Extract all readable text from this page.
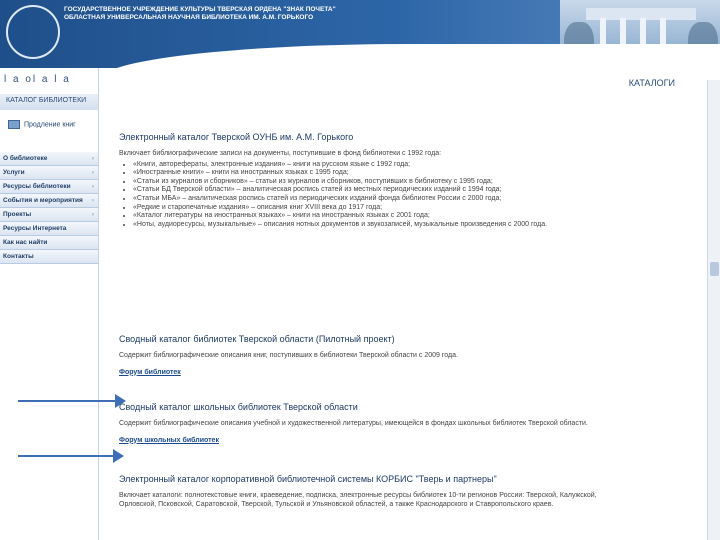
ГОСУДАРСТВЕННОЕ УЧРЕЖДЕНИЕ КУЛЬТУРЫ ТВЕРСКАЯ ОРДЕНА "ЗНАК ПОЧЕТА" ОБЛАСТНАЯ УНИВЕРСАЛЬНАЯ НАУЧНАЯ БИБЛИОТЕКА ИМ. А.М. ГОРЬКОГО
l a ol a l a
КАТАЛОГ БИБЛИОТЕКИ
Продление книг
О библиотеке	›
Услуги	›
Ресурсы библиотеки	›
События и мероприятия ›
Проекты	›
Ресурсы Интернета
Как нас найти
Контакты
КАТАЛОГИ
Электронный каталог Тверской ОУНБ им. А.М. Горького

Включает библиографические записи на документы, поступившие в фонд библиотеки с 1992 года:

• «Книги, авторефераты, электронные издания» – книги на русском языке с 1992 года;
• «Иностранные книги» – книги на иностранных языках с 1995 года;
• «Статьи из журналов и сборников» – статьи из журналов и сборников, поступивших в библиотеку с 1995 года;
• «Статьи БД Тверской области» – аналитическая роспись статей из местных периодических изданий с 1994 года;
• «Статьи МБА» – аналитическая роспись статей из периодических изданий фонда библиотек России с 2000 года;
• «Редкие и старопечатные издания» – описания книг XVIII века до 1917 года;
• «Каталог литературы на иностранных языках» – книги на иностранных языках с 2001 года;
• «Ноты, аудиоресурсы, музыкальные» – описания нотных документов и звукозаписей, музыкальные произведения с 2000 года.
Сводный каталог библиотек Тверской области (Пилотный проект)

Содержит библиографические описания книг, поступивших в библиотеки Тверской области с 2009 года.

Форум библиотек
Сводный каталог школьных библиотек Тверской области

Содержит библиографические описания учебной и художественной литературы, имеющейся в фондах школьных библиотек Тверской области.

Форум школьных библиотек
Электронный каталог корпоративной библиотечной системы КОРБИС "Тверь и партнеры"

Включает каталоги: полнотекстовые книги, краеведение, подписка, электронные ресурсы библиотек 10-ти регионов России: Тверской, Калужской, Орловской, Псковской, Саратовской, Тверской, Тульской и Ульяновской областей, а также Краснодарского и Ставропольского краев.
